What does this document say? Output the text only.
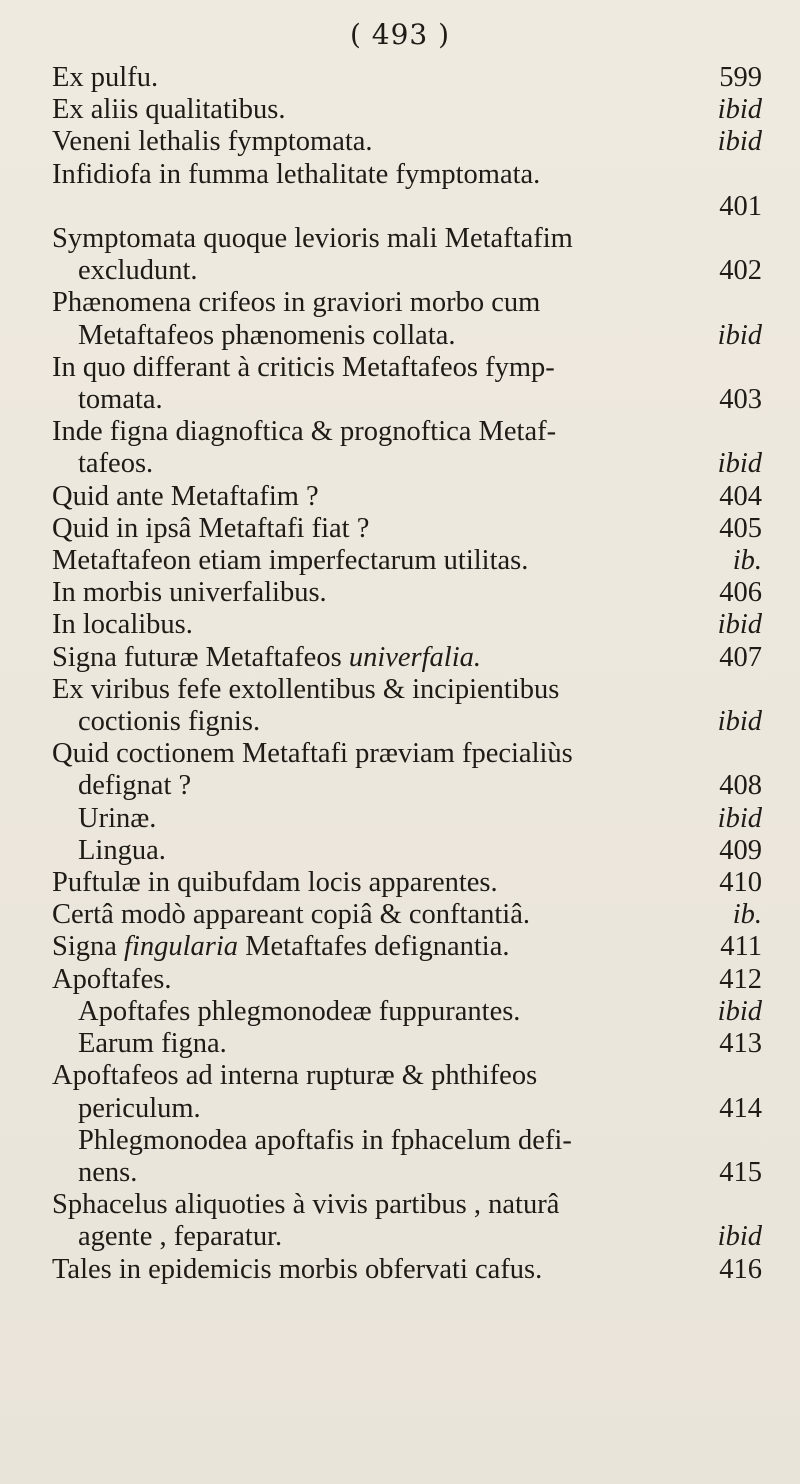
( 493 )
Ex pulfu.	599
Ex aliis qualitatibus.	ibid
Veneni lethalis fymptomata.	ibid
Infidiofa in fumma lethalitate fymptomata.
401
Symptomata quoque levioris mali Metaftafim
excludunt.	402
Phænomena crifeos in graviori morbo cum
Metaftafeos phænomenis collata.	ibid
In quo differant à criticis Metaftafeos fymp-
tomata.	403
Inde figna diagnoftica & prognoftica Metaf-
tafeos.	ibid
Quid ante Metaftafim ?	404
Quid in ipsâ Metaftafi fiat ?	405
Metaftafeon etiam imperfectarum utilitas.	ib.
In morbis univerfalibus.	406
In localibus.	ibid
Signa futuræ Metaftafeos univerfalia.	407
Ex viribus fefe extollentibus & incipientibus
coctionis fignis.	ibid
Quid coctionem Metaftafi præviam fpecialiùs
defignat ?	408
Urinæ.	ibid
Lingua.	409
Puftulæ in quibufdam locis apparentes.	410
Certâ modò appareant copiâ & conftantiâ.	ib.
Signa fingularia Metaftafes defignantia.	411
Apoftafes.	412
Apoftafes phlegmonodeæ fuppurantes.	ibid
Earum figna.	413
Apoftafeos ad interna rupturæ & phthifeos
periculum.	414
Phlegmonodea apoftafis in fphacelum defi-
nens.	415
Sphacelus aliquoties à vivis partibus , naturâ
agente , feparatur.	ibid
Tales in epidemicis morbis obfervati cafus.	416
